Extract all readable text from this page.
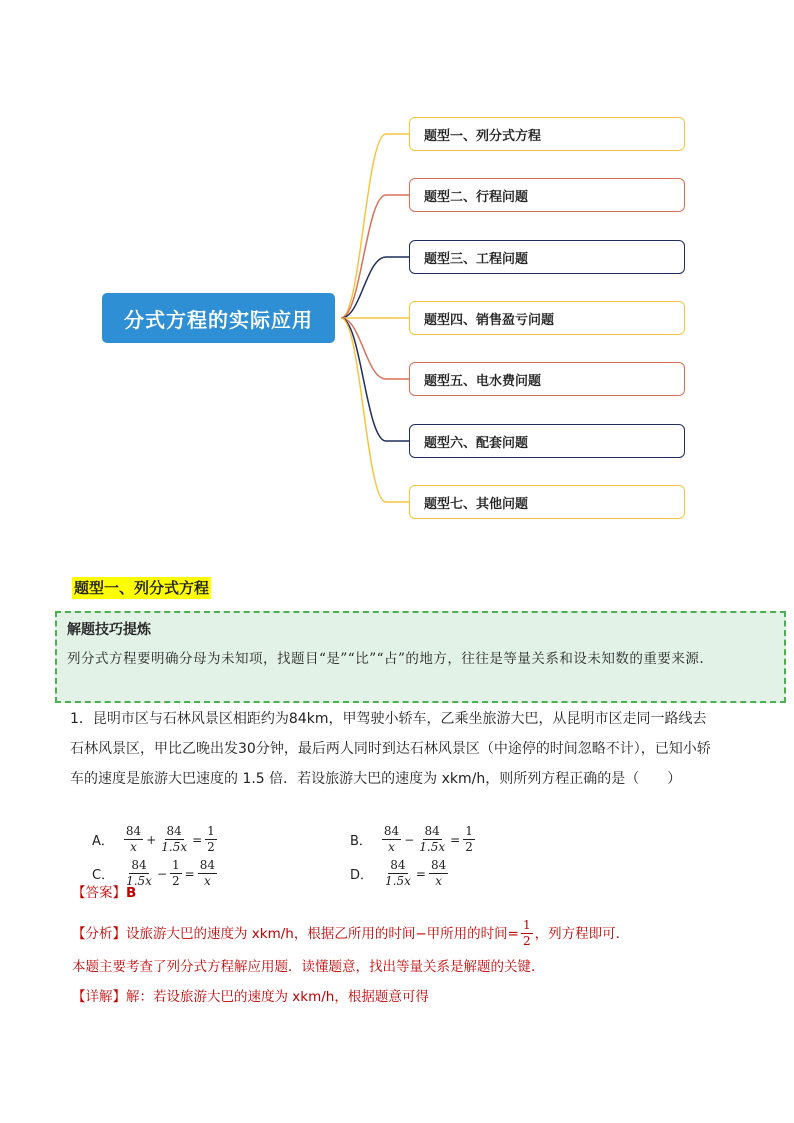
分式方程的实际应用
题型一、列分式方程
题型二、行程问题
题型三、工程问题
题型四、销售盈亏问题
题型五、电水费问题
题型六、配套问题
题型七、其他问题
题型一、列分式方程
解题技巧提炼
列分式方程要明确分母为未知项，找题目“是”“比”“占”的地方，往往是等量关系和设未知数的重要来源.
1．昆明市区与石林风景区相距约为84km，甲驾驶小轿车，乙乘坐旅游大巴，从昆明市区走同一路线去石林风景区，甲比乙晚出发30分钟，最后两人同时到达石林风景区（中途停的时间忽略不计），已知小轿车的速度是旅游大巴速度的 1.5 倍．若设旅游大巴的速度为 xkm/h，则所列方程正确的是（　　）
A． $\frac{84}{x} + \frac{84}{1.5x} = \frac{1}{2}$	B． $\frac{84}{x} - \frac{84}{1.5x} = \frac{1}{2}$
C． $\frac{84}{1.5x} - \frac{1}{2} = \frac{84}{x}$	D． $\frac{84}{1.5x} = \frac{84}{x}$
【答案】B
【分析】 设旅游大巴的速度为 xkm/h，根据乙所用的时间−甲所用的时间= $\frac{1}{2}$ ，列方程即可.
本题主要考查了列分式方程解应用题．读懂题意，找出等量关系是解题的关键．
【详解】解：若设旅游大巴的速度为 xkm/h，根据题意可得
